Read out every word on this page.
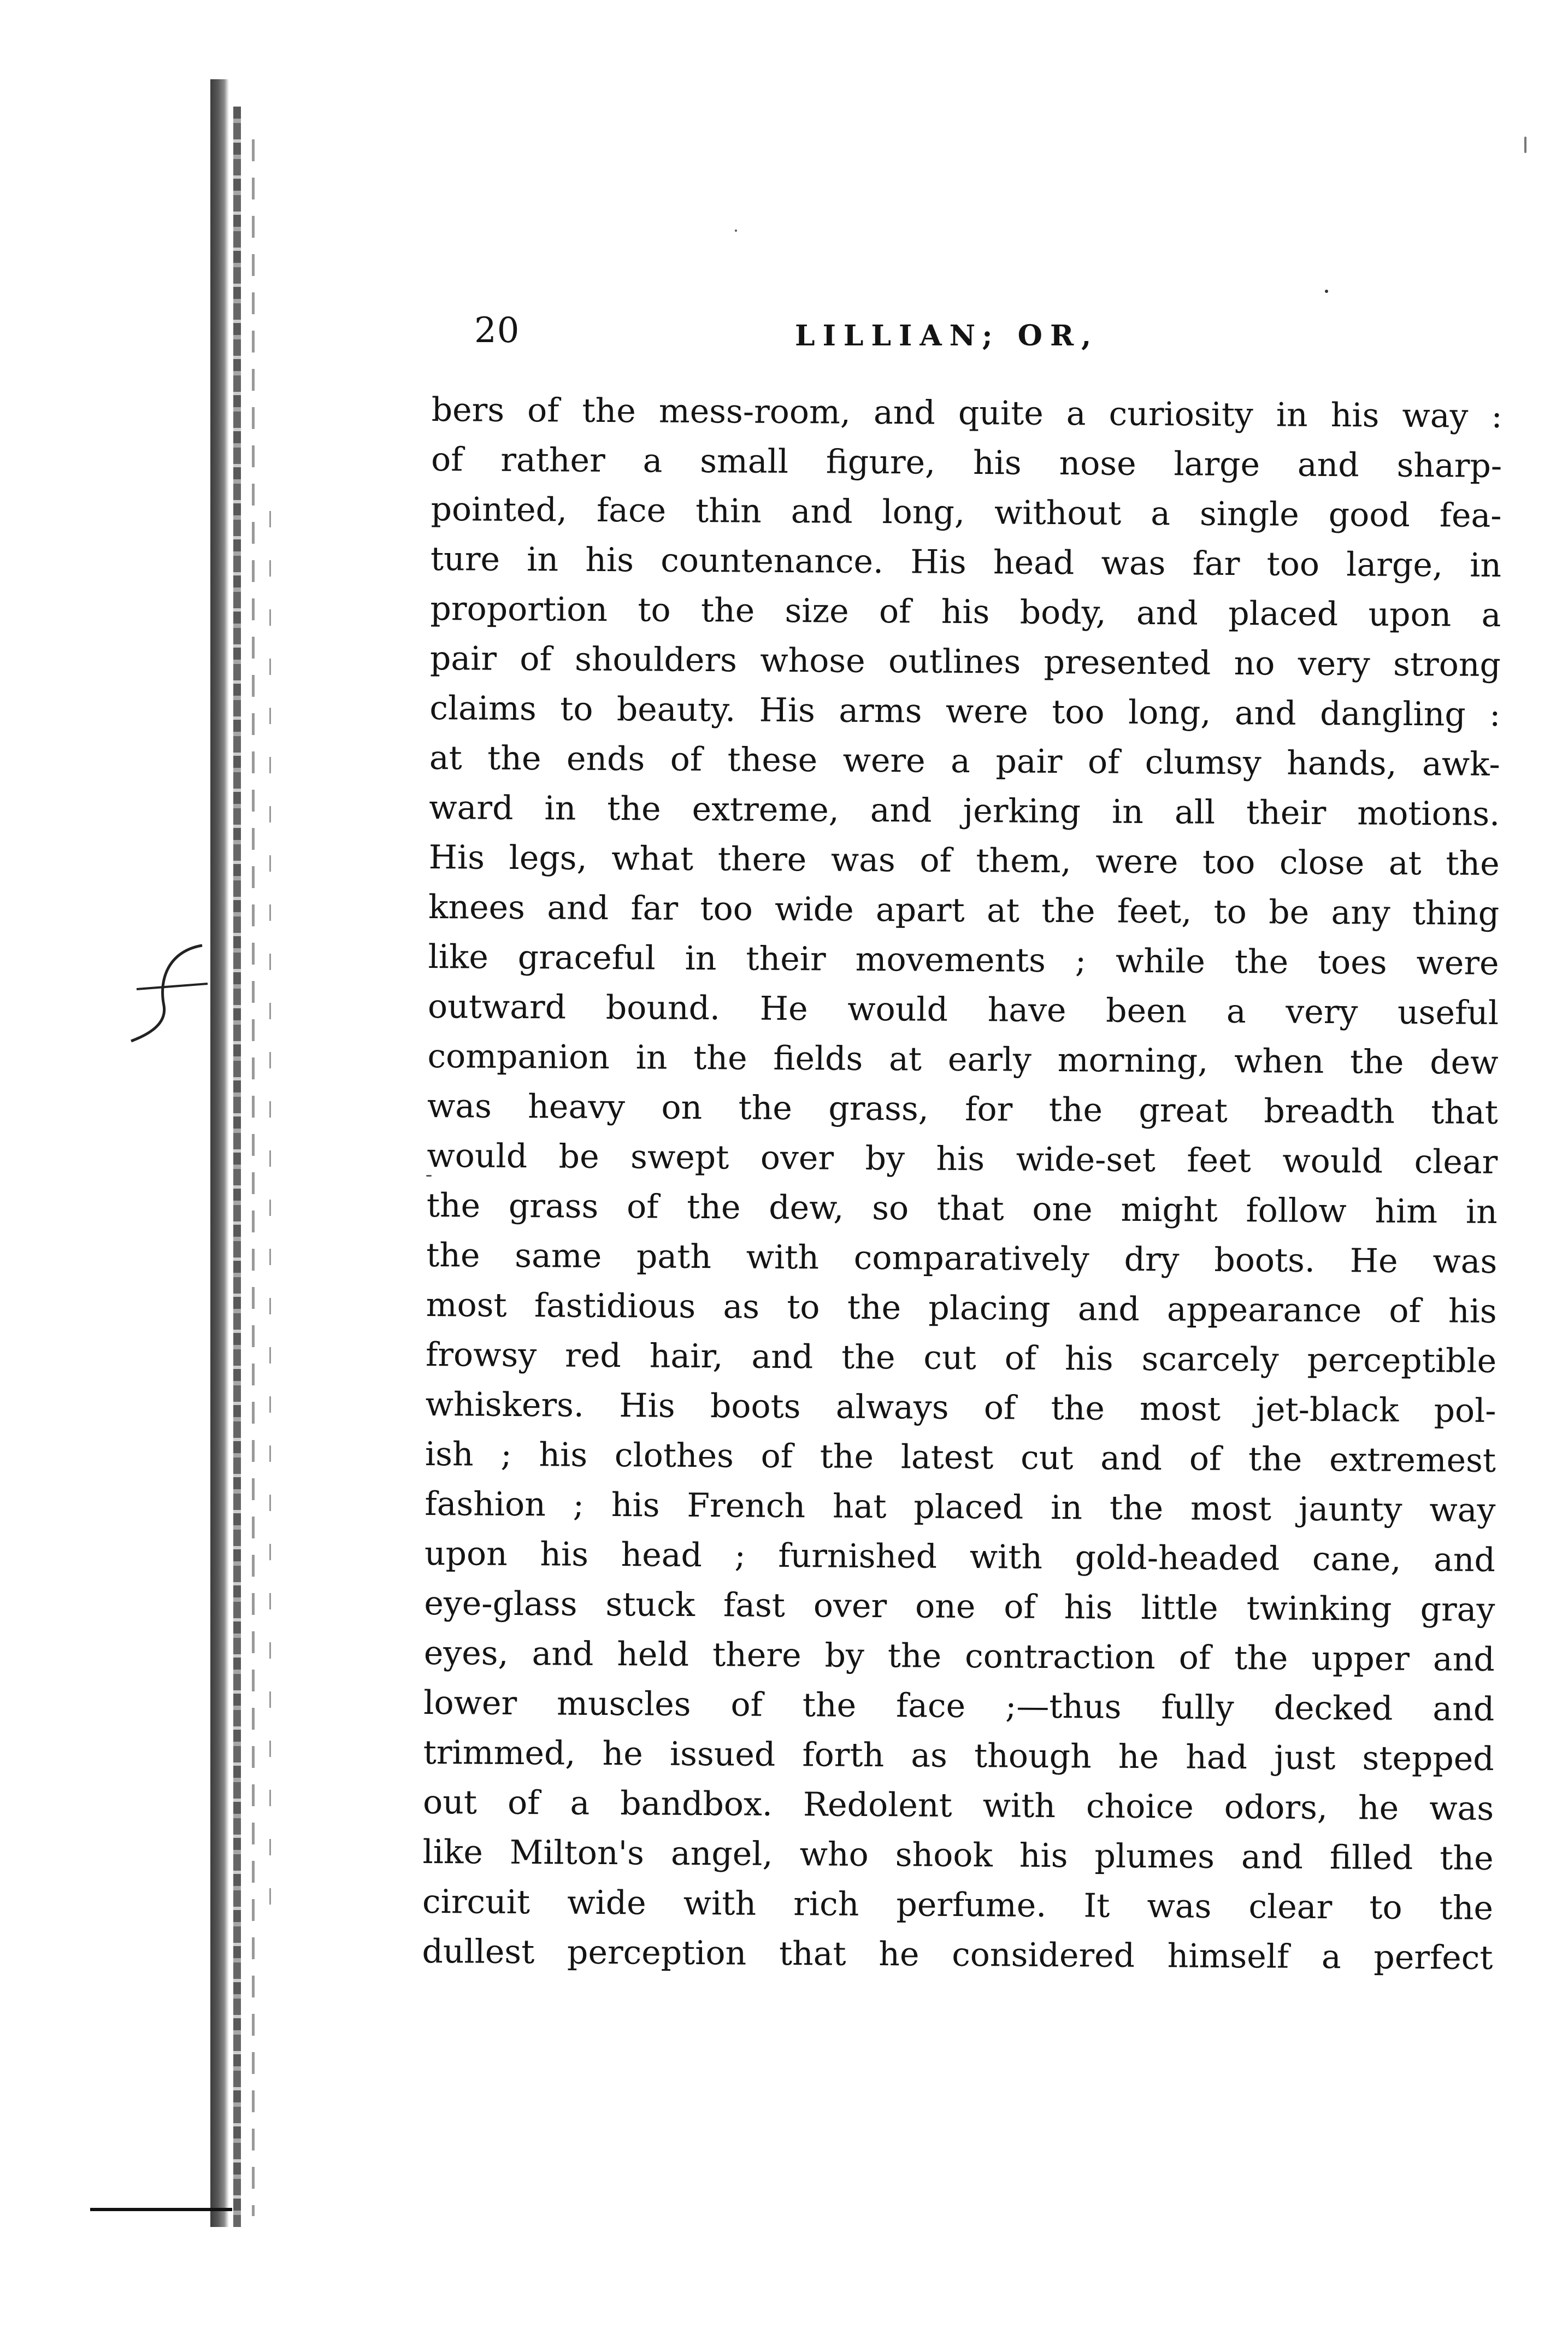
20	LILLIAN; OR,
bers of the mess-room, and quite a curiosity in his way :
of rather a small figure, his nose large and sharp-
pointed, face thin and long, without a single good fea-
ture in his countenance. His head was far too large, in
proportion to the size of his body, and placed upon a
pair of shoulders whose outlines presented no very strong
claims to beauty. His arms were too long, and dangling :
at the ends of these were a pair of clumsy hands, awk-
ward in the extreme, and jerking in all their motions.
His legs, what there was of them, were too close at the
knees and far too wide apart at the feet, to be any thing
like graceful in their movements ; while the toes were
outward bound. He would have been a very useful
companion in the fields at early morning, when the dew
was heavy on the grass, for the great breadth that
would be swept over by his wide-set feet would clear
the grass of the dew, so that one might follow him in
the same path with comparatively dry boots. He was
most fastidious as to the placing and appearance of his
frowsy red hair, and the cut of his scarcely perceptible
whiskers. His boots always of the most jet-black pol-
ish ; his clothes of the latest cut and of the extremest
fashion ; his French hat placed in the most jaunty way
upon his head ; furnished with gold-headed cane, and
eye-glass stuck fast over one of his little twinking gray
eyes, and held there by the contraction of the upper and
lower muscles of the face ;—thus fully decked and
trimmed, he issued forth as though he had just stepped
out of a bandbox. Redolent with choice odors, he was
like Milton's angel, who shook his plumes and filled the
circuit wide with rich perfume. It was clear to the
dullest perception that he considered himself a perfect
